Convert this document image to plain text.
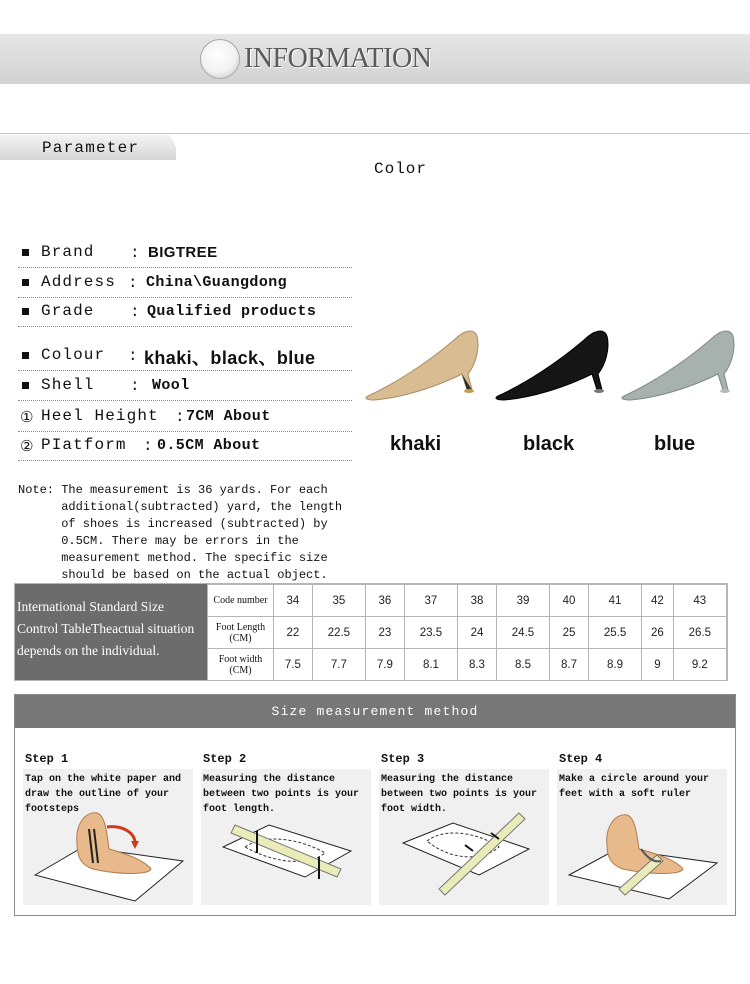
INFORMATION
Parameter
Color
Brand : BIGTREE
Address : China\Guangdong
Grade : Qualified products
Colour : khaki、black、blue
Shell : Wool
① Heel Height : 7CM About
② PIatform : 0.5CM About	khaki	black	blue
Note: The measurement is 36 yards. For each
additional(subtracted) yard, the length
of shoes is increased (subtracted) by
0.5CM. There may be errors in the
measurement method. The specific size
should be based on the actual object.

International Standard Size
Control TableTheactual situation
depends on the individual.

Code number	34	35	36	37	38	39	40	41	42	43
Foot Length (CM)	22	22.5	23	23.5	24	24.5	25	25.5	26	26.5
Foot width (CM)	7.5	7.7	7.9	8.1	8.3	8.5	8.7	8.9	9	9.2
Size measurement method
Step 1
Tap on the white paper and draw the outline of your footsteps
Step 2
Measuring the distance between two points is your foot length.
Step 3
Measuring the distance between two points is your foot width.
Step 4
Make a circle around your feet with a soft ruler
